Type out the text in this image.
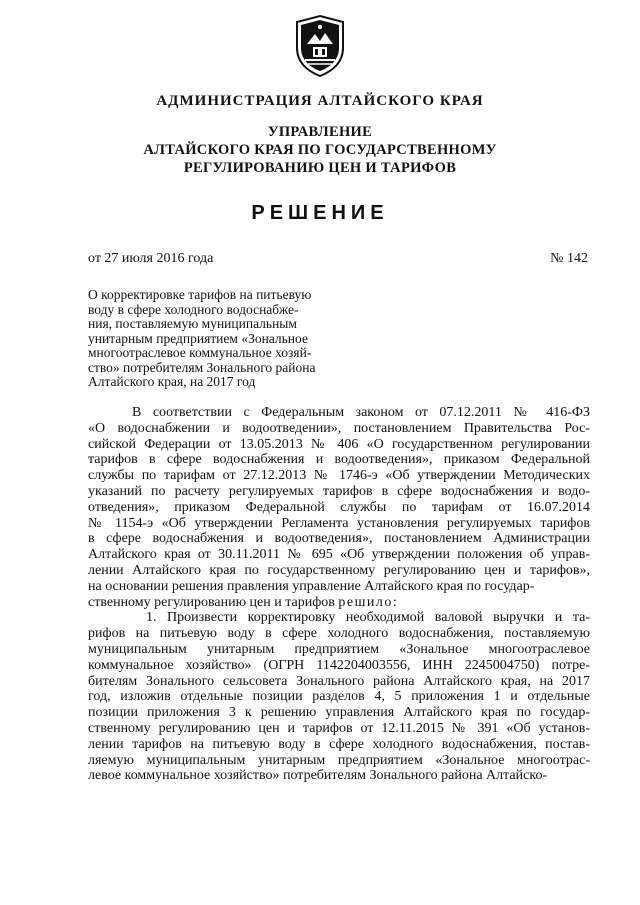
АДМИНИСТРАЦИЯ АЛТАЙСКОГО КРАЯ
УПРАВЛЕНИЕ
АЛТАЙСКОГО КРАЯ ПО ГОСУДАРСТВЕННОМУ
РЕГУЛИРОВАНИЮ ЦЕН И ТАРИФОВ
РЕШЕНИЕ
от 27 июля 2016 года	№ 142
О корректировке тарифов на питьевую
воду в сфере холодного водоснабже-
ния, поставляемую муниципальным
унитарным предприятием «Зональное
многоотраслевое коммунальное хозяй-
ство» потребителям Зонального района
Алтайского края, на 2017 год
В соответствии с Федеральным законом от 07.12.2011 № 416-ФЗ
«О водоснабжении и водоотведении», постановлением Правительства Рос-
сийской Федерации от 13.05.2013 № 406 «О государственном регулировании
тарифов в сфере водоснабжения и водоотведения», приказом Федеральной
службы по тарифам от 27.12.2013 № 1746-э «Об утверждении Методических
указаний по расчету регулируемых тарифов в сфере водоснабжения и водо-
отведения», приказом Федеральной службы по тарифам от 16.07.2014
№ 1154-э «Об утверждении Регламента установления регулируемых тарифов
в сфере водоснабжения и водоотведения», постановлением Администрации
Алтайского края от 30.11.2011 № 695 «Об утверждении положения об управ-
лении Алтайского края по государственному регулированию цен и тарифов»,
на основании решения правления управление Алтайского края по государ-
ственному регулированию цен и тарифов решило:
1. Произвести корректировку необходимой валовой выручки и та-
рифов на питьевую воду в сфере холодного водоснабжения, поставляемую
муниципальным унитарным предприятием «Зональное многоотраслевое
коммунальное хозяйство» (ОГРН 1142204003556, ИНН 2245004750) потре-
бителям Зонального сельсовета Зонального района Алтайского края, на 2017
год, изложив отдельные позиции разделов 4, 5 приложения 1 и отдельные
позиции приложения 3 к решению управления Алтайского края по государ-
ственному регулированию цен и тарифов от 12.11.2015 № 391 «Об установ-
лении тарифов на питьевую воду в сфере холодного водоснабжения, постав-
ляемую муниципальным унитарным предприятием «Зональное многоотрас-
левое коммунальное хозяйство» потребителям Зонального района Алтайско-
